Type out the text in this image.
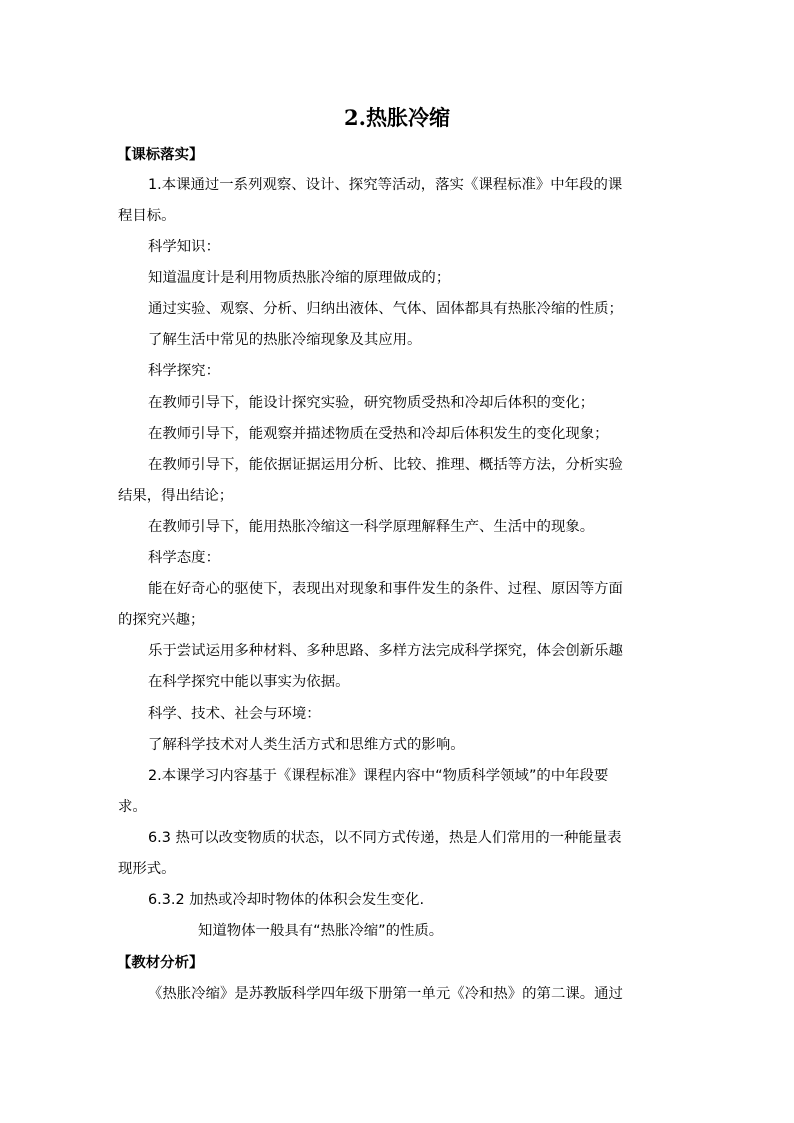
2.热胀冷缩
【课标落实】
1.本课通过一系列观察、设计、探究等活动，落实《课程标准》中年段的课
程目标。
科学知识：
知道温度计是利用物质热胀冷缩的原理做成的；
通过实验、观察、分析、归纳出液体、气体、固体都具有热胀冷缩的性质；
了解生活中常见的热胀冷缩现象及其应用。
科学探究：
在教师引导下，能设计探究实验，研究物质受热和冷却后体积的变化；
在教师引导下，能观察并描述物质在受热和冷却后体积发生的变化现象；
在教师引导下，能依据证据运用分析、比较、推理、概括等方法，分析实验
结果，得出结论；
在教师引导下，能用热胀冷缩这一科学原理解释生产、生活中的现象。
科学态度：
能在好奇心的驱使下，表现出对现象和事件发生的条件、过程、原因等方面
的探究兴趣；
乐于尝试运用多种材料、多种思路、多样方法完成科学探究，体会创新乐趣
在科学探究中能以事实为依据。
科学、技术、社会与环境：
了解科学技术对人类生活方式和思维方式的影响。
2.本课学习内容基于《课程标准》课程内容中“物质科学领域”的中年段要
求。
6.3 热可以改变物质的状态，以不同方式传递，热是人们常用的一种能量表
现形式。
6.3.2 加热或冷却时物体的体积会发生变化.
知道物体一般具有“热胀冷缩”的性质。
【教材分析】
《热胀冷缩》是苏教版科学四年级下册第一单元《冷和热》的第二课。通过
